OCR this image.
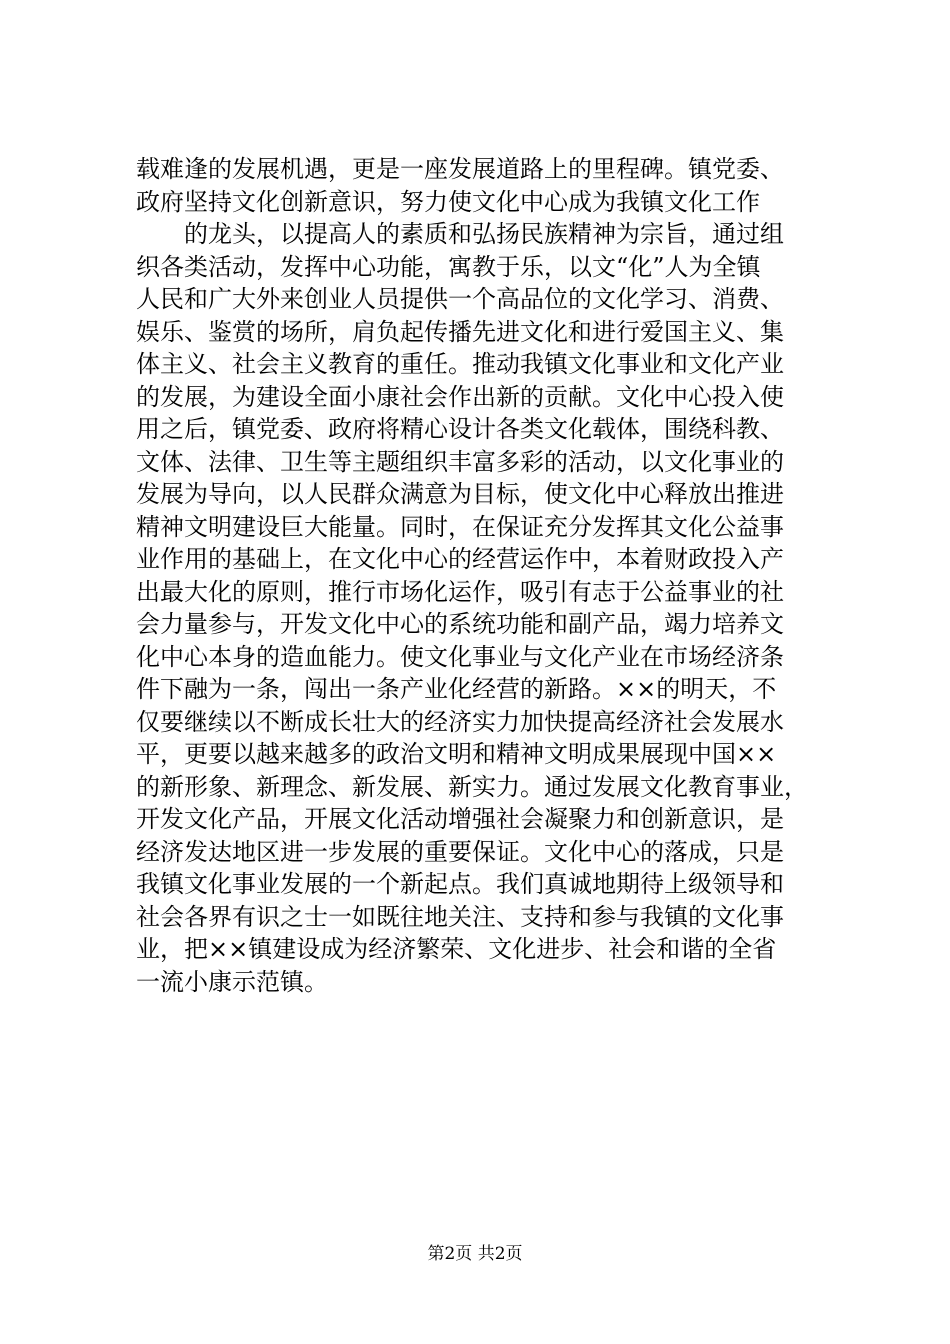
载难逢的发展机遇，更是一座发展道路上的里程碑。镇党委、
政府坚持文化创新意识，努力使文化中心成为我镇文化工作
的龙头，以提高人的素质和弘扬民族精神为宗旨，通过组
织各类活动，发挥中心功能，寓教于乐，以文“化”人为全镇
人民和广大外来创业人员提供一个高品位的文化学习、消费、
娱乐、鉴赏的场所，肩负起传播先进文化和进行爱国主义、集
体主义、社会主义教育的重任。推动我镇文化事业和文化产业
的发展，为建设全面小康社会作出新的贡献。文化中心投入使
用之后，镇党委、政府将精心设计各类文化载体，围绕科教、
文体、法律、卫生等主题组织丰富多彩的活动，以文化事业的
发展为导向，以人民群众满意为目标，使文化中心释放出推进
精神文明建设巨大能量。同时，在保证充分发挥其文化公益事
业作用的基础上，在文化中心的经营运作中，本着财政投入产
出最大化的原则，推行市场化运作，吸引有志于公益事业的社
会力量参与，开发文化中心的系统功能和副产品，竭力培养文
化中心本身的造血能力。使文化事业与文化产业在市场经济条
件下融为一条，闯出一条产业化经营的新路。××的明天，不
仅要继续以不断成长壮大的经济实力加快提高经济社会发展水
平，更要以越来越多的政治文明和精神文明成果展现中国××
的新形象、新理念、新发展、新实力。通过发展文化教育事业，
开发文化产品，开展文化活动增强社会凝聚力和创新意识，是
经济发达地区进一步发展的重要保证。文化中心的落成，只是
我镇文化事业发展的一个新起点。我们真诚地期待上级领导和
社会各界有识之士一如既往地关注、支持和参与我镇的文化事
业，把××镇建设成为经济繁荣、文化进步、社会和谐的全省
一流小康示范镇。
第2页 共2页
